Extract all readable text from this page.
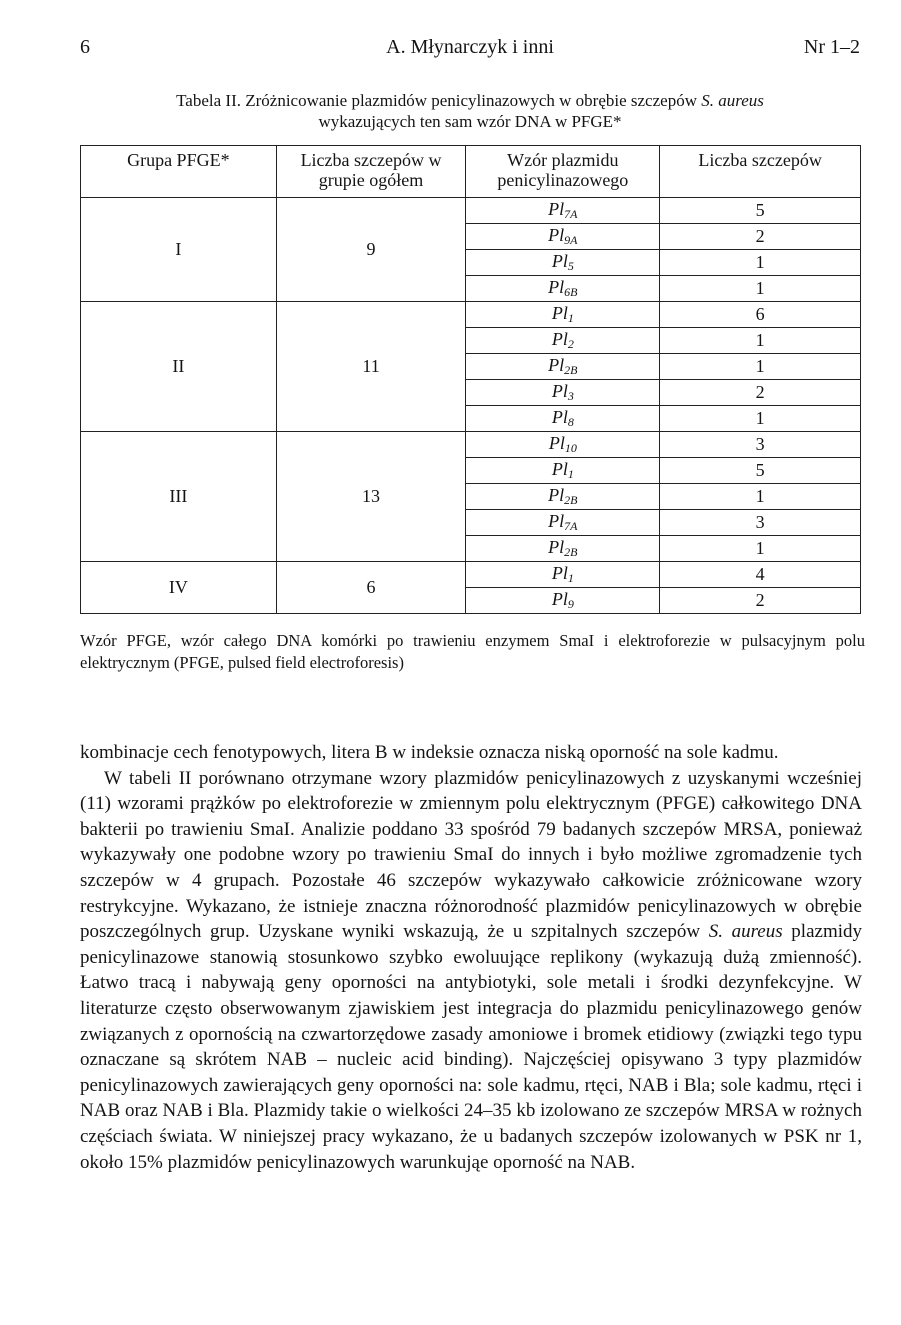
6	A. Młynarczyk i inni	Nr 1–2
Tabela II. Zróżnicowanie plazmidów penicylinazowych w obrębie szczepów S. aureus
wykazujących ten sam wzór DNA w PFGE*
Grupa PFGE*	Liczba szczepów w grupie ogółem	Wzór plazmidu penicylinazowego	Liczba szczepów
I	9	$Pl_{7A}$	5
		$Pl_{9A}$	2
		$Pl_5$	1
		$Pl_{6B}$	1
II	11	$Pl_1$	6
		$Pl_2$	1
		$Pl_{2B}$	1
		$Pl_3$	2
		$Pl_8$	1
III	13	$Pl_{10}$	3
		$Pl_1$	5
		$Pl_{2B}$	1
		$Pl_{7A}$	3
		$Pl_{2B}$	1
IV	6	$Pl_1$	4
		$Pl_9$	2
Wzór PFGE, wzór całego DNA komórki po trawieniu enzymem SmaI i elektroforezie w pulsacyjnym polu elektrycznym (PFGE, pulsed field electroforesis)

kombinacje cech fenotypowych, litera B w indeksie oznacza niską oporność na sole kadmu.

W tabeli II porównano otrzymane wzory plazmidów penicylinazowych z uzyskanymi wcześniej (11) wzorami prążków po elektroforezie w zmiennym polu elektrycznym (PFGE) całkowitego DNA bakterii po trawieniu SmaI. Analizie poddano 33 spośród 79 badanych szczepów MRSA, ponieważ wykazywały one podobne wzory po trawieniu SmaI do innych i było możliwe zgromadzenie tych szczepów w 4 grupach. Pozostałe 46 szczepów wykazywało całkowicie zróżnicowane wzory restrykcyjne. Wykazano, że istnieje znaczna różnorodność plazmidów penicylinazowych w obrębie poszczególnych grup. Uzyskane wyniki wskazują, że u szpitalnych szczepów S. aureus plazmidy penicylinazowe stanowią stosunkowo szybko ewoluujące replikony (wykazują dużą zmienność). Łatwo tracą i nabywają geny oporności na antybiotyki, sole metali i środki dezynfekcyjne. W literaturze często obserwowanym zjawiskiem jest integracja do plazmidu penicylinazowego genów związanych z opornością na czwartorzędowe zasady amoniowe i bromek etidiowy (związki tego typu oznaczane są skrótem NAB – nucleic acid binding). Najczęściej opisywano 3 typy plazmidów penicylinazowych zawierających geny oporności na: sole kadmu, rtęci, NAB i Bla; sole kadmu, rtęci i NAB oraz NAB i Bla. Plazmidy takie o wielkości 24–35 kb izolowano ze szczepów MRSA w rożnych częściach świata. W niniejszej pracy wykazano, że u badanych szczepów izolowanych w PSK nr 1, około 15% plazmidów penicylinazowych warunkująe oporność na NAB.
